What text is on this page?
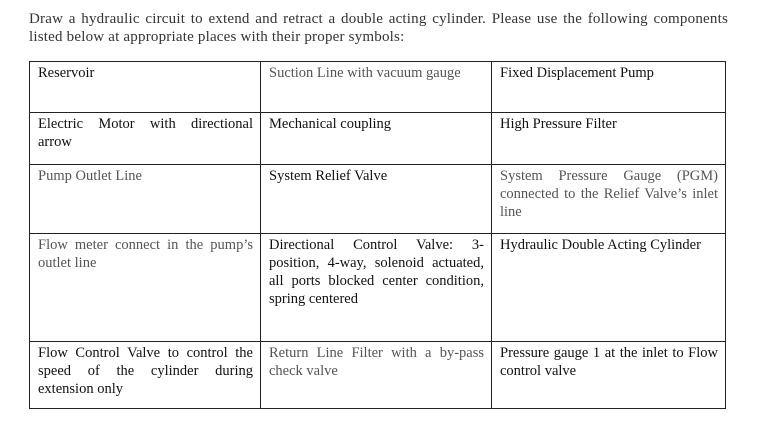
Draw a hydraulic circuit to extend and retract a double acting cylinder. Please use the following components listed below at appropriate places with their proper symbols:
Reservoir	Suction Line with vacuum gauge	Fixed Displacement Pump
Electric Motor with directional arrow	Mechanical coupling	High Pressure Filter
Pump Outlet Line	System Relief Valve	System Pressure Gauge (PGM) connected to the Relief Valve’s inlet line
Flow meter connect in the pump’s outlet line	Directional Control Valve: 3-position, 4-way, solenoid actuated, all ports blocked center condition, spring centered	Hydraulic Double Acting Cylinder
Flow Control Valve to control the speed of the cylinder during extension only	Return Line Filter with a by-pass check valve	Pressure gauge 1 at the inlet to Flow control valve
